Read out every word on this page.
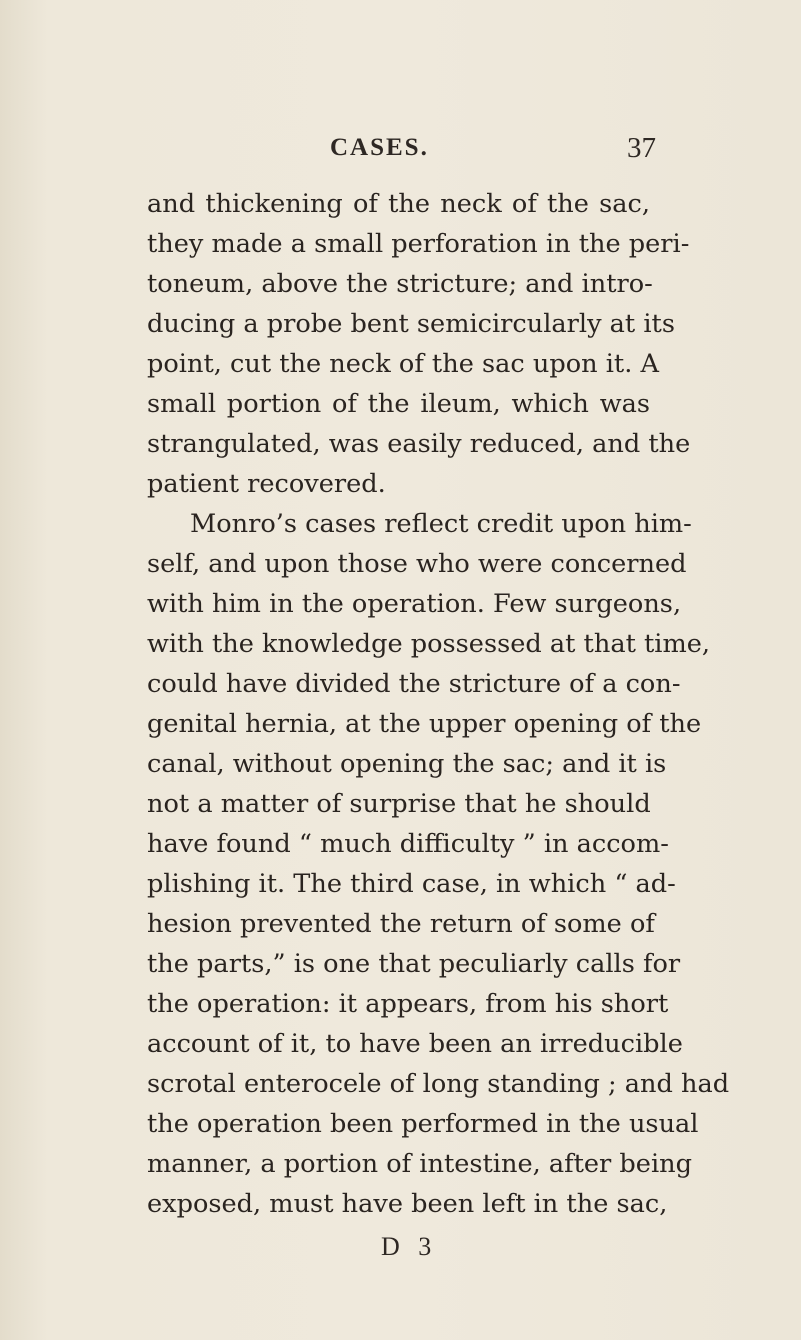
CASES.	37
and thickening of the neck of the sac,
they made a small perforation in the peri-
toneum, above the stricture; and intro-
ducing a probe bent semicircularly at its
point, cut the neck of the sac upon it. A
small portion of the ileum, which was
strangulated, was easily reduced, and the
patient recovered.
Monro’s cases reflect credit upon him-
self, and upon those who were concerned
with him in the operation. Few surgeons,
with the knowledge possessed at that time,
could have divided the stricture of a con-
genital hernia, at the upper opening of the
canal, without opening the sac; and it is
not a matter of surprise that he should
have found “ much difficulty ” in accom-
plishing it. The third case, in which “ ad-
hesion prevented the return of some of
the parts,” is one that peculiarly calls for
the operation: it appears, from his short
account of it, to have been an irreducible
scrotal enterocele of long standing ; and had
the operation been performed in the usual
manner, a portion of intestine, after being
exposed, must have been left in the sac,
D 3
